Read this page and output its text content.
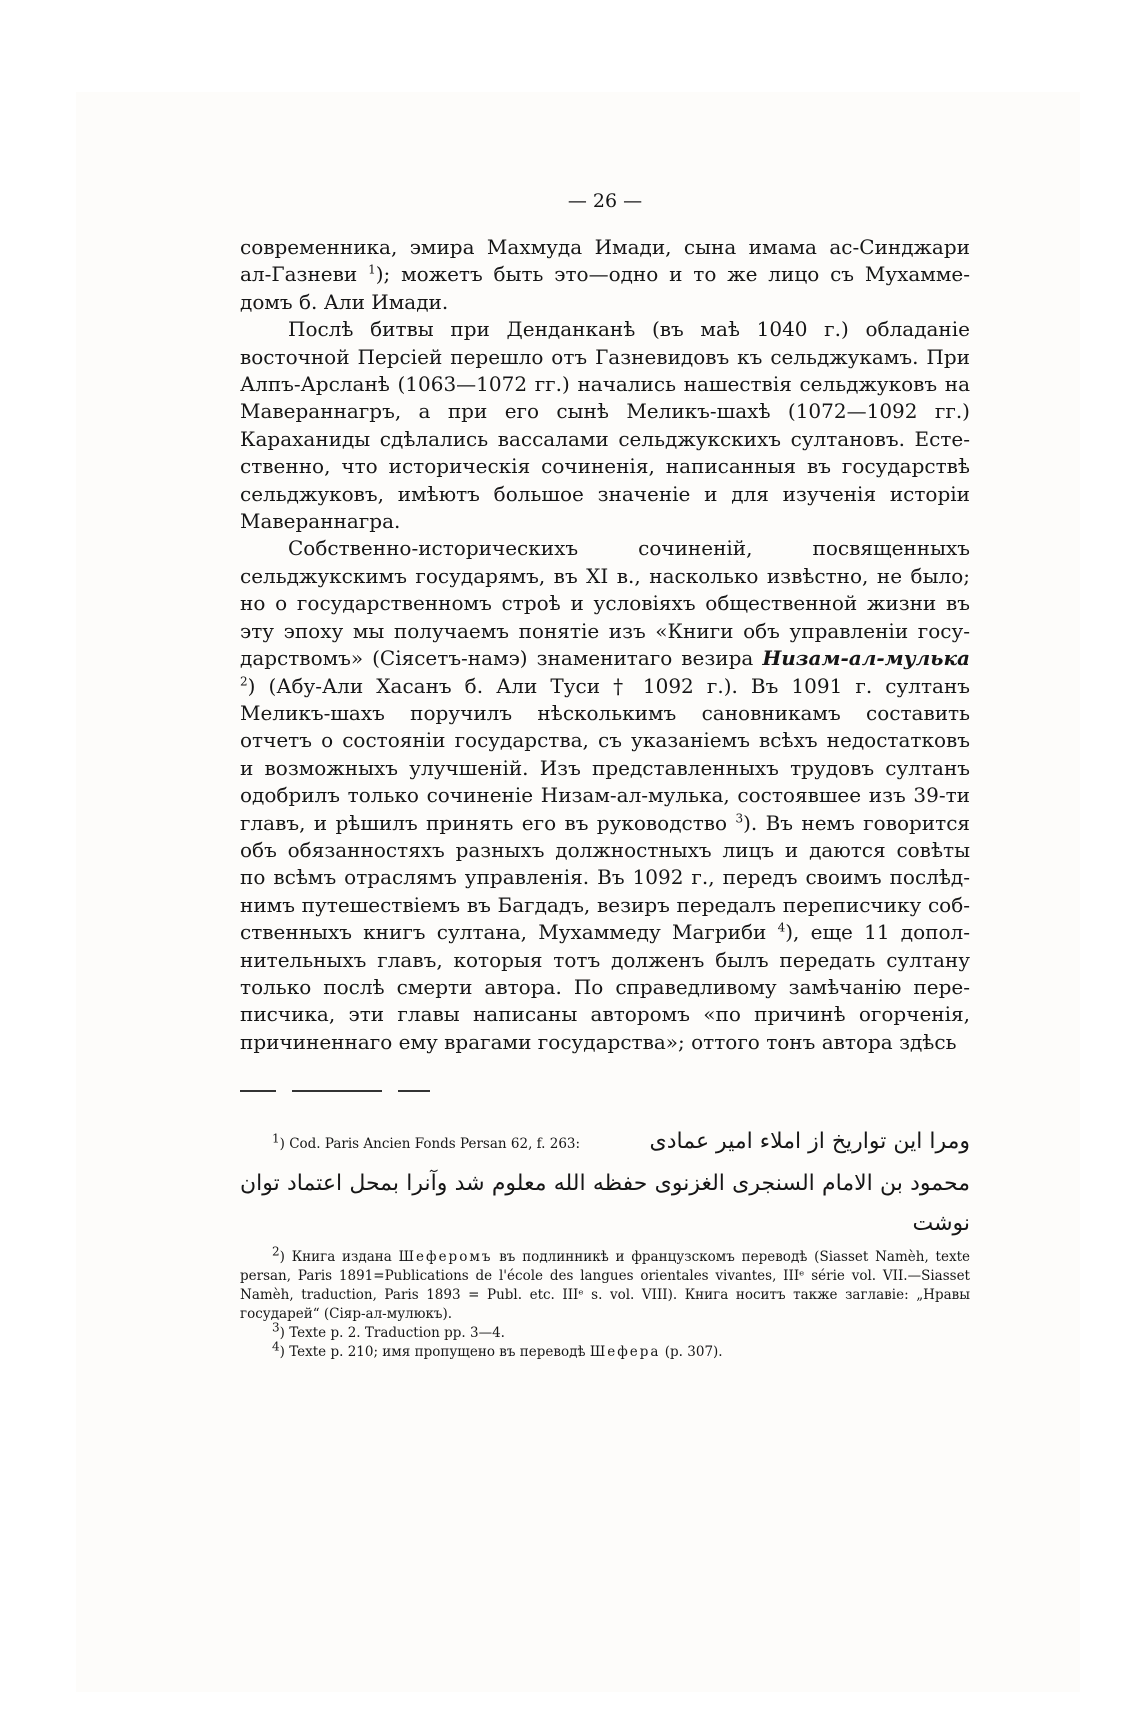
— 26 —

современника, эмира Махмуда Имади, сына имама ас-Синджари ал-Газневи $^1$); можетъ быть это—одно и то же лицо съ Мухаммедомъ б. Али Имади.

Послѣ битвы при Денданканѣ (въ маѣ 1040 г.) обладаніе восточной Персіей перешло отъ Газневидовъ къ сельджукамъ. При Алпъ-Арсланѣ (1063—1072 гг.) начались нашествія сельджуковъ на Мавераннагръ, а при его сынѣ Меликъ-шахѣ (1072—1092 гг.) Караханиды сдѣлались вассалами сельджукскихъ султановъ. Естественно, что историческія сочиненія, написанныя въ государствѣ сельджуковъ, имѣютъ большое значеніе и для изученія исторіи Мавераннагра.

Собственно-историческихъ сочиненій, посвященныхъ сельджукскимъ государямъ, въ XI в., насколько извѣстно, не было; но о государственномъ строѣ и условіяхъ общественной жизни въ эту эпоху мы получаемъ понятіе изъ «Книги объ управленіи государствомъ» (Сіясетъ-намэ) знаменитаго везира Низам-ал-мулька $^2$) (Абу-Али Хасанъ б. Али Туси † 1092 г.). Въ 1091 г. султанъ Меликъ-шахъ поручилъ нѣсколькимъ сановникамъ составить отчетъ о состояніи государства, съ указаніемъ всѣхъ недостатковъ и возможныхъ улучшеній. Изъ представленныхъ трудовъ султанъ одобрилъ только сочиненіе Низам-ал-мулька, состоявшее изъ 39-ти главъ, и рѣшилъ принять его въ руководство $^3$). Въ немъ говорится объ обязанностяхъ разныхъ должностныхъ лицъ и даются совѣты по всѣмъ отраслямъ управленія. Въ 1092 г., передъ своимъ послѣднимъ путешествіемъ въ Багдадъ, везиръ передалъ переписчику собственныхъ книгъ султана, Мухаммеду Магриби $^4$), еще 11 дополнительныхъ главъ, которыя тотъ долженъ былъ передать султану только послѣ смерти автора. По справедливому замѣчанію переписчика, эти главы написаны авторомъ «по причинѣ огорченія, причиненнаго ему врагами государства»; оттого тонъ автора здѣсь

$^1$) Cod. Paris Ancien Fonds Persan 62, f. 263:	ومرا این تواریخ از املاء امیر عمادی

محمود بن الامام السنجری الغزنوی حفظه الله معلوم شد وآنرا بمحل اعتماد توان نوشت

$^2$) Книга издана Шеферомъ въ подлинникѣ и французскомъ переводѣ (Siasset Namèh, texte persan, Paris 1891=Publications de l'école des langues orientales vivantes, IIIᵉ série vol. VII.—Siasset Namèh, traduction, Paris 1893 = Publ. etc. IIIᵉ s. vol. VIII). Книга носитъ также заглавіе: „Нравы государей“ (Сіяр-ал-мулюкъ).

$^3$) Texte p. 2. Traduction pp. 3—4.

$^4$) Texte p. 210; имя пропущено въ переводѣ Шефера (p. 307).
